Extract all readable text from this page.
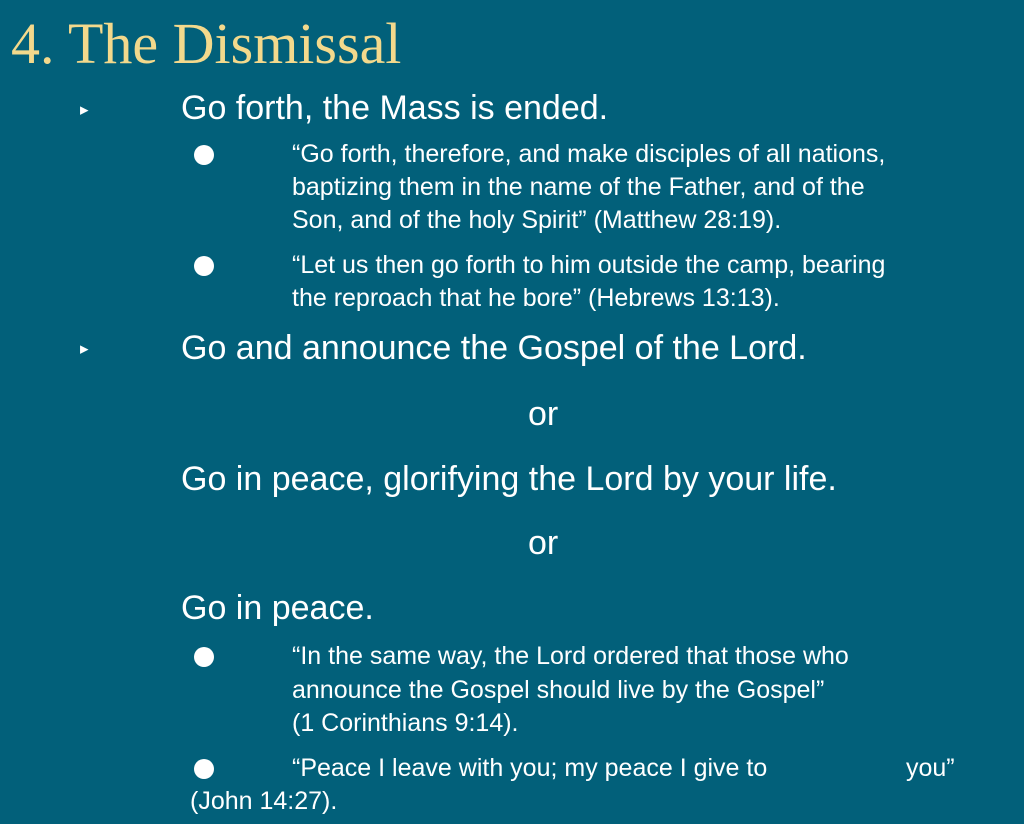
4. The Dismissal
▸	Go forth, the Mass is ended.
“Go forth, therefore, and make disciples of all nations,
baptizing them in the name of the Father, and of the
Son, and of the holy Spirit” (Matthew 28:19).
“Let us then go forth to him outside the camp, bearing
the reproach that he bore” (Hebrews 13:13).
▸	Go and announce the Gospel of the Lord.
or
Go in peace, glorifying the Lord by your life.
or
Go in peace.
“In the same way, the Lord ordered that those who
announce the Gospel should live by the Gospel”
(1 Corinthians 9:14).
“Peace I leave with you; my peace I give to	you”
(John 14:27).
